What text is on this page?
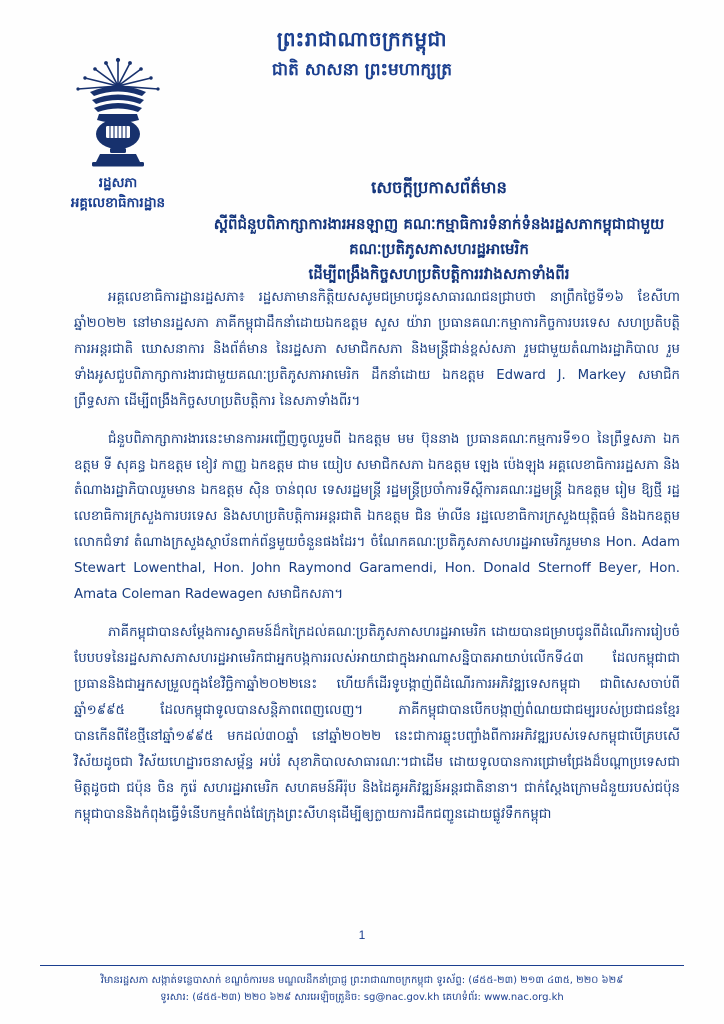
ព្រះរាជាណាចក្រកម្ពុជា
ជាតិ សាសនា ព្រះមហាក្សត្រ
រដ្ឋសភា
អគ្គលេខាធិការដ្ឋាន
សេចក្ដីប្រកាសព័ត៌មាន
ស្ដីពីជំនួបពិភាក្សាការងារអនឡាញ គណៈកម្មាធិការទំនាក់ទំនងរដ្ឋសភាកម្ពុជាជាមួយគណៈប្រតិភូសភាសហរដ្ឋអាមេរិក
ដើម្បីពង្រឹងកិច្ចសហប្រតិបត្តិការរវាងសភាទាំងពីរ

អគ្គលេខាធិការដ្ឋានរដ្ឋសភា៖ រដ្ឋសភាមានកិត្តិយសសូមជម្រាបជូនសាធារណជនជ្រាបថា នាព្រឹកថ្ងៃទី១៦ ខែសីហា ឆ្នាំ២០២២ នៅមានរដ្ឋសភា ភាគីកម្ពុជាដឹកនាំដោយឯកឧត្តម សួស យ៉ារា ប្រធានគណៈកម្មាការកិច្ចការបរទេស សហប្រតិបត្តិការអន្តរជាតិ ឃោសនាការ និងព័ត៌មាន នៃរដ្ឋសភា សមាជិកសភា និងមន្ត្រីជាន់ខ្ពស់សភា រួមជាមួយតំណាងរដ្ឋាភិបាល រួមទាំងអូសជួបពិភាក្សាការងារជាមួយគណៈប្រតិភូសភាអាមេរិក ដឹកនាំដោយ ឯកឧត្តម Edward J. Markey សមាជិកព្រឹទ្ធសភា ដើម្បីពង្រឹងកិច្ចសហប្រតិបត្តិការ នៃសភាទាំងពីរ។

ជំនួបពិភាក្សាការងារនេះមានការអញ្ជើញចូលរួមពី ឯកឧត្តម មម ប៊ុននាង ប្រធានគណៈកម្មការទី១០ នៃព្រឹទ្ធសភា ឯកឧត្តម ទី សុគន្ធ ឯកឧត្តម ខៀវ កាញ្ញ ឯកឧត្តម ជាម យៀប សមាជិកសភា ឯកឧត្តម ឡេង ប៉េងឡុង អគ្គលេខាធិការរដ្ឋសភា និងតំណាងរដ្ឋាភិបាលរួមមាន ឯកឧត្តម ស៊ិន ចាន់ពុល ទេសរដ្ឋមន្ត្រី រដ្ឋមន្ត្រីប្រចាំការទីស្ដីការគណៈរដ្ឋមន្ត្រី ឯកឧត្តម រៀម ឱ្យថ្មី រដ្ឋលេខាធិការក្រសួងការបរទេស និងសហប្រតិបត្តិការអន្តរជាតិ ឯកឧត្តម ជិន ម៉ាលីន រដ្ឋលេខាធិការក្រសួងយុត្តិធម៌ និងឯកឧត្តម លោកជំទាវ តំណាងក្រសួងស្ថាប័នពាក់ព័ន្ធមួយចំនួនផងដែរ។ ចំណែកគណៈប្រតិភូសភាសហរដ្ឋអាមេរិករួមមាន Hon. Adam Stewart Lowenthal, Hon. John Raymond Garamendi, Hon. Donald Sternoff Beyer, Hon. Amata Coleman Radewagen សមាជិកសភា។

ភាគីកម្ពុជាបានសម្ដែងការស្វាគមន៍ដ៏កក្រៃដល់គណៈប្រតិភូសភាសហរដ្ឋអាមេរិក ដោយបានជម្រាបជូនពីដំណើរការរៀបចំបែបបទនៃរដ្ឋសភាសភាសហរដ្ឋអាមេរិកជាអ្នកបង្កការរលស់អាយាជាក្នុងអាណាសន្និបាតអាយាប់លើកទី៤៣ ដែលកម្ពុជាជាប្រធាននិងជាអ្នកសម្រួលក្នុងខែវិច្ឆិកាឆ្នាំ២០២២នេះ ហើយក៏ដើរទូបង្កាញ់ពីដំណើរការអភិវឌ្ឍទេសកម្ពុជា ជាពិសេសចាប់ពីឆ្នាំ១៩៩៥ ដែលកម្ពុជាទូលបានសន្តិភាពពេញលេញ។ ភាគីកម្ពុជាបានបើកបង្កាញ់ពំណយជាជម្បរបស់ប្រជាជនខ្មែរ បានកើនពីខែថ្មីនៅឆ្នាំ១៩៩៥ មកដល់៣០ឆ្នាំ នៅឆ្នាំ២០២២ នេះជាការឆ្លុះបញ្ចាំងពីការអភិវឌ្ឍរបស់ទេសកម្ពុជាបើគ្របសើវិស័យដូចជា វិស័យហេដ្ឋារចនាសម្ព័ន្ធ អប់រំ សុខាភិបាលសាធារណៈ។ជាដើម ដោយទូលបានការជ្រោមជ្រែងដ៏បណ្តាប្រទេសជាមិត្តដូចជា ជប៉ុន ចិន កូរ៉េ សហរដ្ឋអាមេរិក សហគមន៍អឺរ៉ុប និងដៃគូអភិវឌ្ឍន៍អន្តរជាតិនានា។ ជាក់ស្ដែងក្រោមដំនួយរបស់ជប៉ុន កម្ពុជាបាននិងកំពុងធ្វើទំនើបកម្មកំពង់ផែក្រុងព្រះសីហនុដើម្បីឲ្យក្លាយការដឹកជញ្ជូនដោយផ្លូវទឹកកម្ពុជា

1
វិមានរដ្ឋសភា សង្កាត់ទន្លេបាសាក់ ខណ្ឌចំការមន មណ្ឌលដឹកនាំប្រាជ្ញ ព្រះរាជាណាចក្រកម្ពុជា ទូរស័ព្ទ: (៨៥៥-២៣) ២១៣ ៤៣៥, ២២០ ៦២៩
ទូរសារ: (៨៥៥-២៣) ២២០ ៦២៩ សារអេឡិចត្រូនិច: sg@nac.gov.kh គេហទំព័រ: www.nac.org.kh
